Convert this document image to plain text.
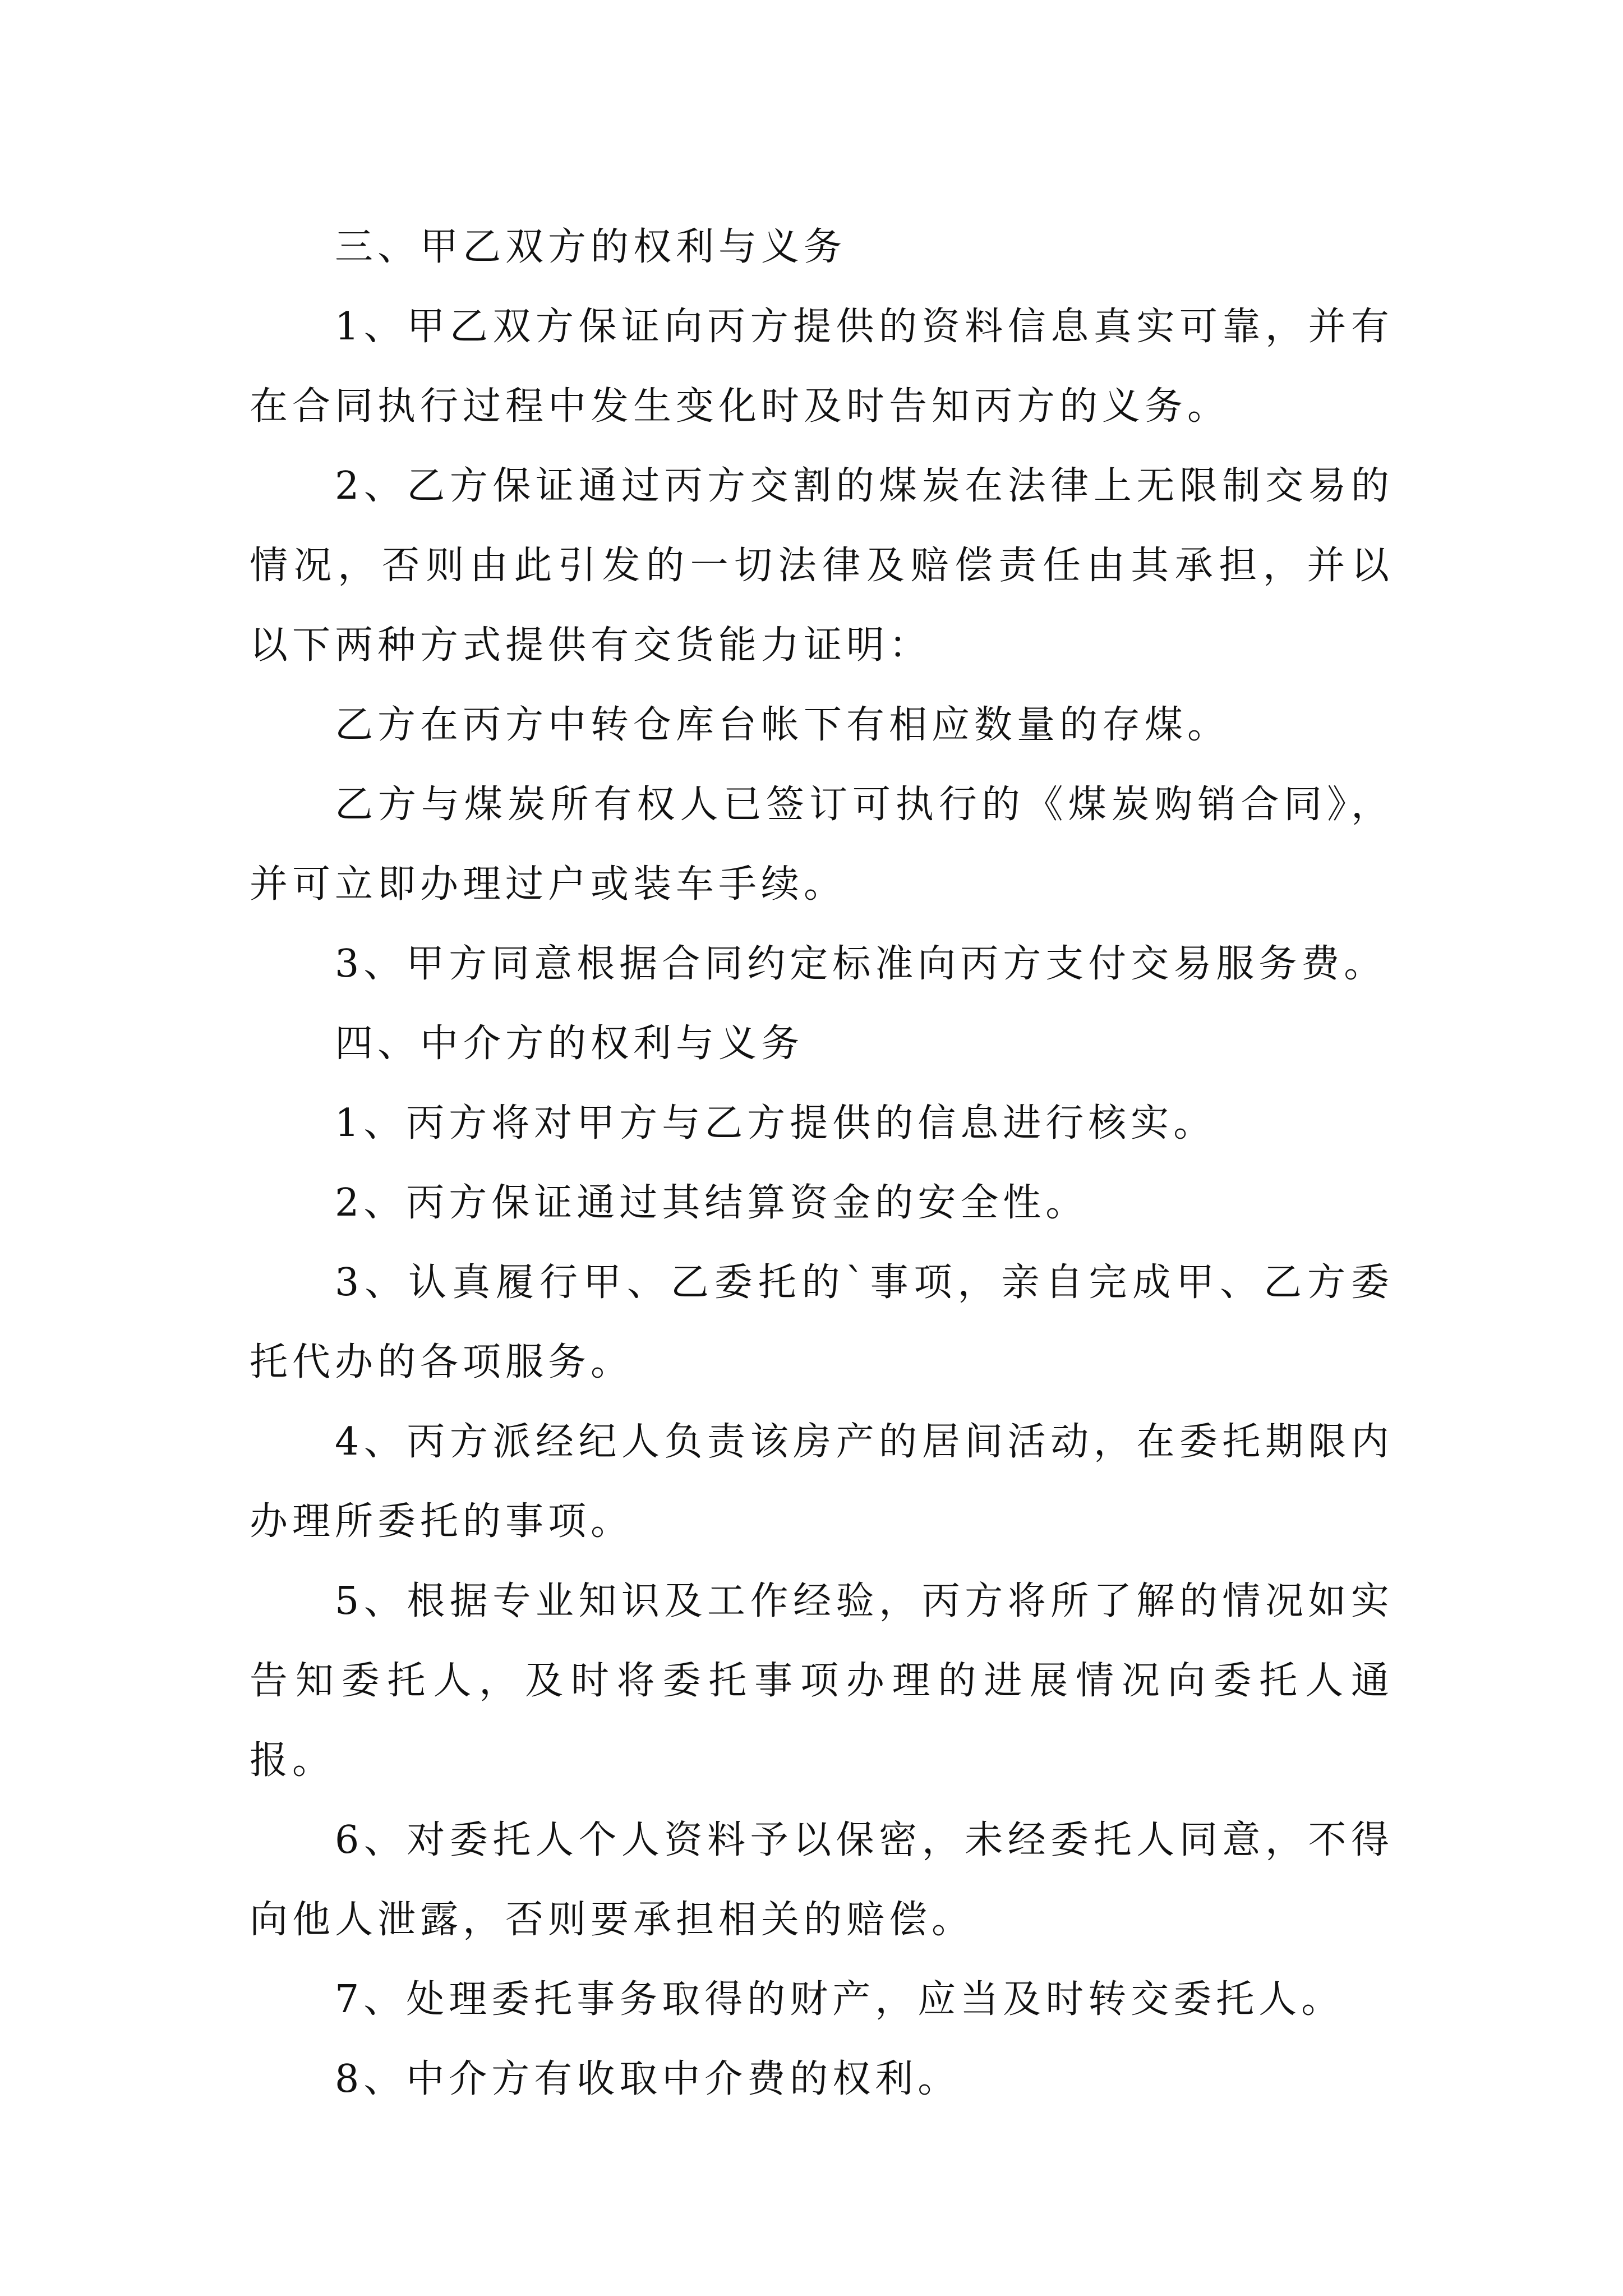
三、甲乙双方的权利与义务

1、甲乙双方保证向丙方提供的资料信息真实可靠，并有在合同执行过程中发生变化时及时告知丙方的义务。

2、乙方保证通过丙方交割的煤炭在法律上无限制交易的情况，否则由此引发的一切法律及赔偿责任由其承担，并以以下两种方式提供有交货能力证明：

乙方在丙方中转仓库台帐下有相应数量的存煤。

乙方与煤炭所有权人已签订可执行的《煤炭购销合同》，并可立即办理过户或装车手续。

3、甲方同意根据合同约定标准向丙方支付交易服务费。

四、中介方的权利与义务

1、丙方将对甲方与乙方提供的信息进行核实。

2、丙方保证通过其结算资金的安全性。

3、认真履行甲、乙委托的`事项，亲自完成甲、乙方委托代办的各项服务。

4、丙方派经纪人负责该房产的居间活动，在委托期限内办理所委托的事项。

5、根据专业知识及工作经验，丙方将所了解的情况如实告知委托人，及时将委托事项办理的进展情况向委托人通报。

6、对委托人个人资料予以保密，未经委托人同意，不得向他人泄露，否则要承担相关的赔偿。

7、处理委托事务取得的财产，应当及时转交委托人。

8、中介方有收取中介费的权利。
